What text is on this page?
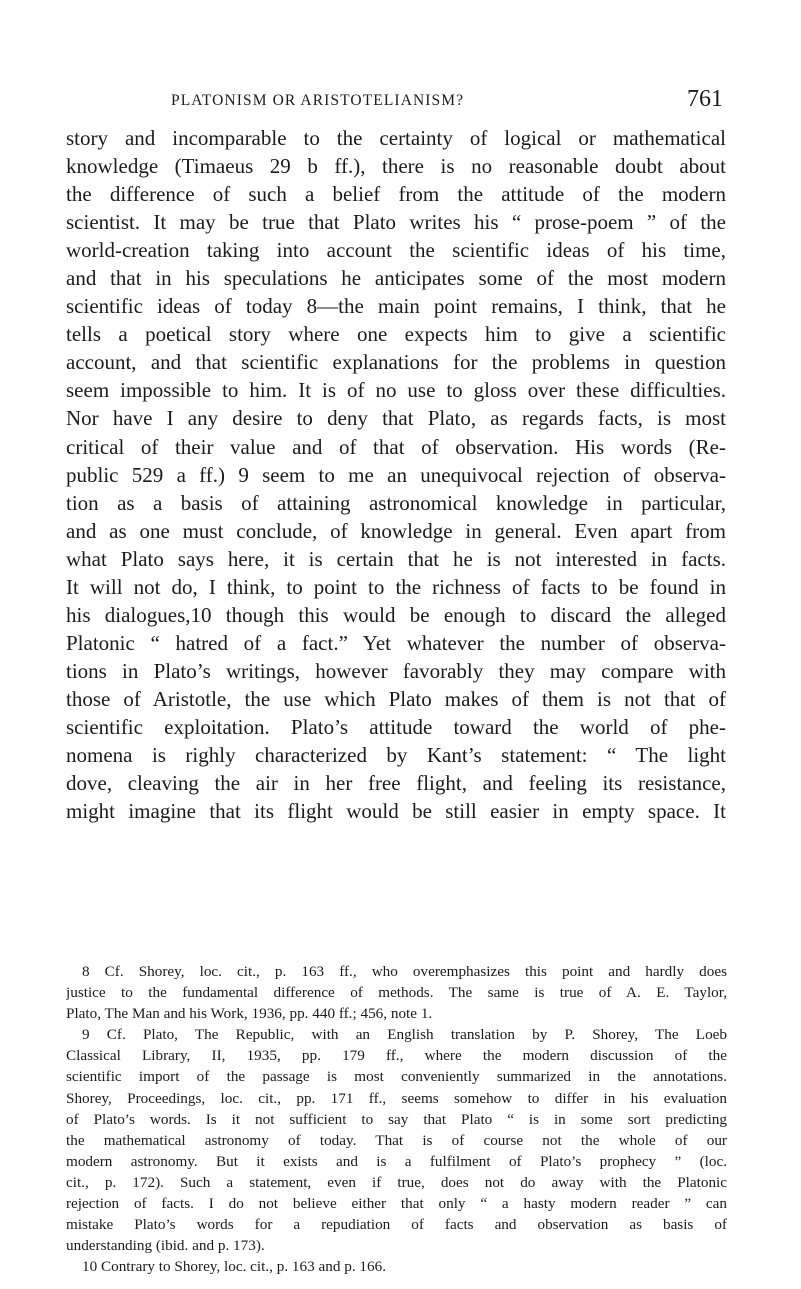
PLATONISM OR ARISTOTELIANISM?	761
story and incomparable to the certainty of logical or mathematical
knowledge (Timaeus 29 b ff.), there is no reasonable doubt about
the difference of such a belief from the attitude of the modern
scientist. It may be true that Plato writes his “ prose-poem ” of the
world-creation taking into account the scientific ideas of his time,
and that in his speculations he anticipates some of the most modern
scientific ideas of today 8—the main point remains, I think, that he
tells a poetical story where one expects him to give a scientific
account, and that scientific explanations for the problems in question
seem impossible to him. It is of no use to gloss over these difficulties.
Nor have I any desire to deny that Plato, as regards facts, is most
critical of their value and of that of observation. His words (Re-
public 529 a ff.) 9 seem to me an unequivocal rejection of observa-
tion as a basis of attaining astronomical knowledge in particular,
and as one must conclude, of knowledge in general. Even apart from
what Plato says here, it is certain that he is not interested in facts.
It will not do, I think, to point to the richness of facts to be found in
his dialogues,10 though this would be enough to discard the alleged
Platonic “ hatred of a fact.” Yet whatever the number of observa-
tions in Plato’s writings, however favorably they may compare with
those of Aristotle, the use which Plato makes of them is not that of
scientific exploitation. Plato’s attitude toward the world of phe-
nomena is righly characterized by Kant’s statement: “ The light
dove, cleaving the air in her free flight, and feeling its resistance,
might imagine that its flight would be still easier in empty space. It
8 Cf. Shorey, loc. cit., p. 163 ff., who overemphasizes this point and hardly does
justice to the fundamental difference of methods. The same is true of A. E. Taylor,
Plato, The Man and his Work, 1936, pp. 440 ff.; 456, note 1.
9 Cf. Plato, The Republic, with an English translation by P. Shorey, The Loeb
Classical Library, II, 1935, pp. 179 ff., where the modern discussion of the
scientific import of the passage is most conveniently summarized in the annotations.
Shorey, Proceedings, loc. cit., pp. 171 ff., seems somehow to differ in his evaluation
of Plato’s words. Is it not sufficient to say that Plato “ is in some sort predicting
the mathematical astronomy of today. That is of course not the whole of our
modern astronomy. But it exists and is a fulfilment of Plato’s prophecy ” (loc.
cit., p. 172). Such a statement, even if true, does not do away with the Platonic
rejection of facts. I do not believe either that only “ a hasty modern reader ” can
mistake Plato’s words for a repudiation of facts and observation as basis of
understanding (ibid. and p. 173).
10 Contrary to Shorey, loc. cit., p. 163 and p. 166.
